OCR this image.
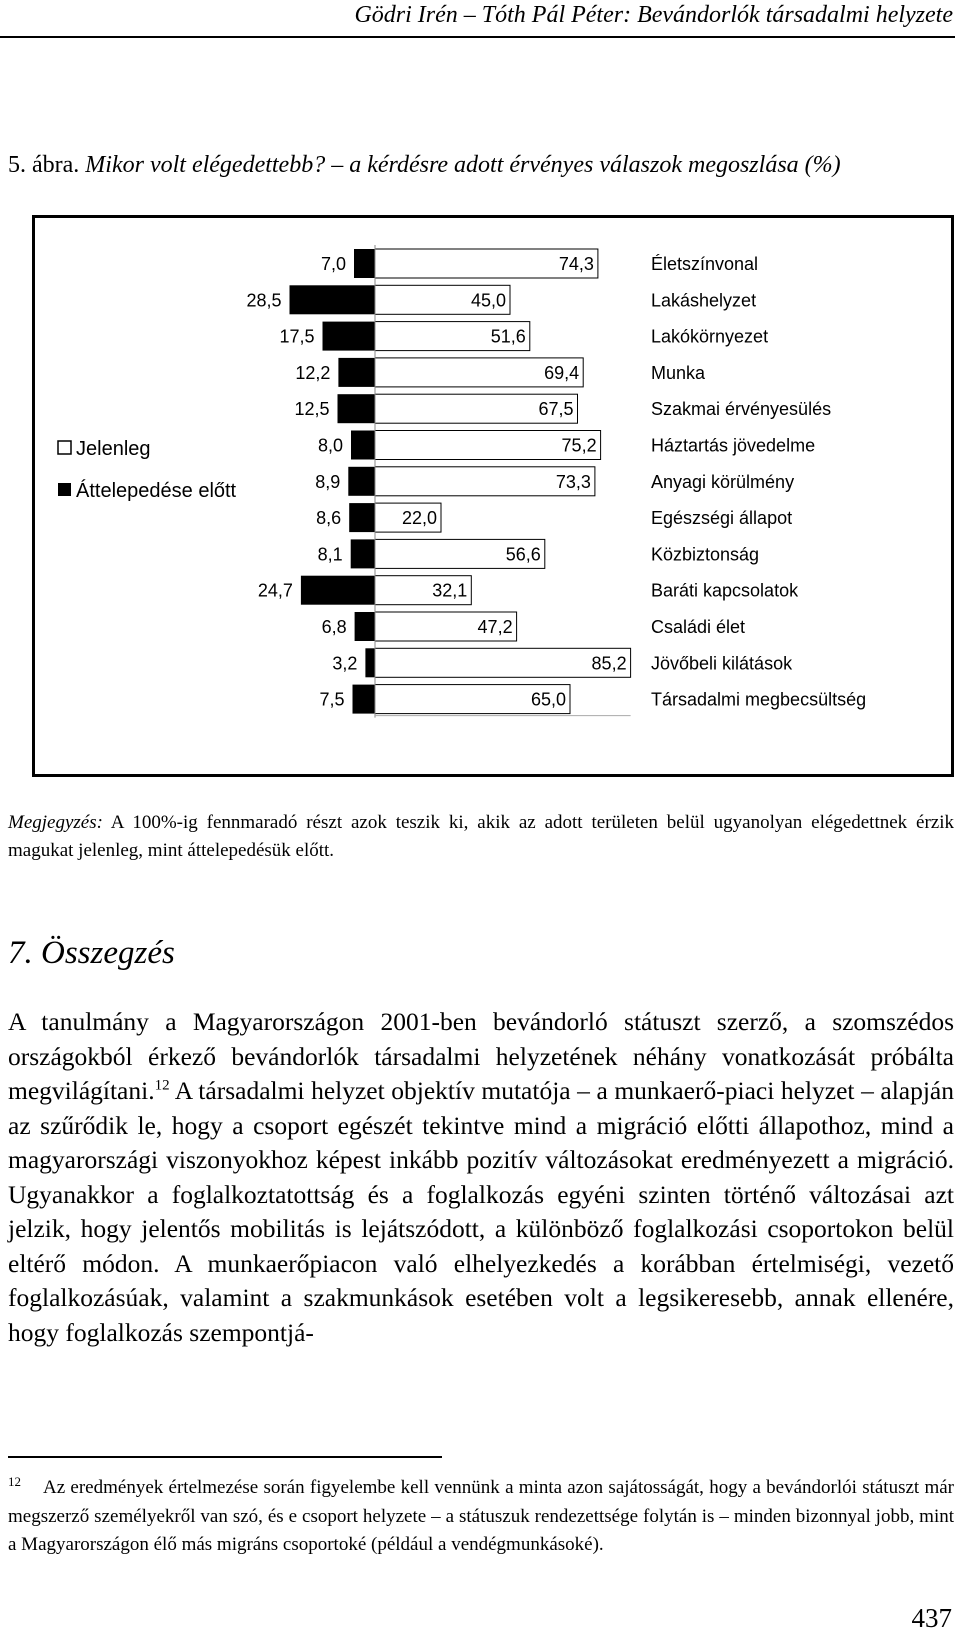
Gödri Irén – Tóth Pál Péter: Bevándorlók társadalmi helyzete
5. ábra. Mikor volt elégedettebb? – a kérdésre adott érvényes válaszok megoszlása (%)
Jelenleg
Áttelepedése előtt
7,0	74,3	Életszínvonal
28,5	45,0	Lakáshelyzet
17,5	51,6	Lakókörnyezet
12,2	69,4	Munka
12,5	67,5	Szakmai érvényesülés
8,0	75,2	Háztartás jövedelme
8,9	73,3	Anyagi körülmény
8,6	22,0	Egészségi állapot
8,1	56,6	Közbiztonság
24,7	32,1	Baráti kapcsolatok
6,8	47,2	Családi élet
3,2	85,2 Jövőbeli kilátások
7,5	65,0	Társadalmi megbecsültség
Megjegyzés: A 100%-ig fennmaradó részt azok teszik ki, akik az adott területen belül ugyanolyan elégedettnek érzik magukat jelenleg, mint áttelepedésük előtt.
7. Összegzés
A tanulmány a Magyarországon 2001-ben bevándorló státuszt szerző, a szomszédos országokból érkező bevándorlók társadalmi helyzetének néhány vonatkozását próbálta megvilágítani.$^{12}$ A társadalmi helyzet objektív mutatója – a munkaerő-piaci helyzet – alapján az szűrődik le, hogy a csoport egészét tekintve mind a migráció előtti állapothoz, mind a magyarországi viszonyokhoz képest inkább pozitív változásokat eredményezett a migráció. Ugyanakkor a foglalkoztatottság és a foglalkozás egyéni szinten történő változásai azt jelzik, hogy jelentős mobilitás is lejátszódott, a különböző foglalkozási csoportokon belül eltérő módon. A munkaerőpiacon való elhelyezkedés a korábban értelmiségi, vezető foglalkozásúak, valamint a szakmunkások esetében volt a legsikeresebb, annak ellenére, hogy foglalkozás szempontjá-
$^{12}$ Az eredmények értelmezése során figyelembe kell vennünk a minta azon sajátosságát, hogy a bevándorlói státuszt már megszerző személyekről van szó, és e csoport helyzete – a státuszuk rendezettsége folytán is – minden bizonnyal jobb, mint a Magyarországon élő más migráns csoportoké (például a vendégmunkásoké).
437
